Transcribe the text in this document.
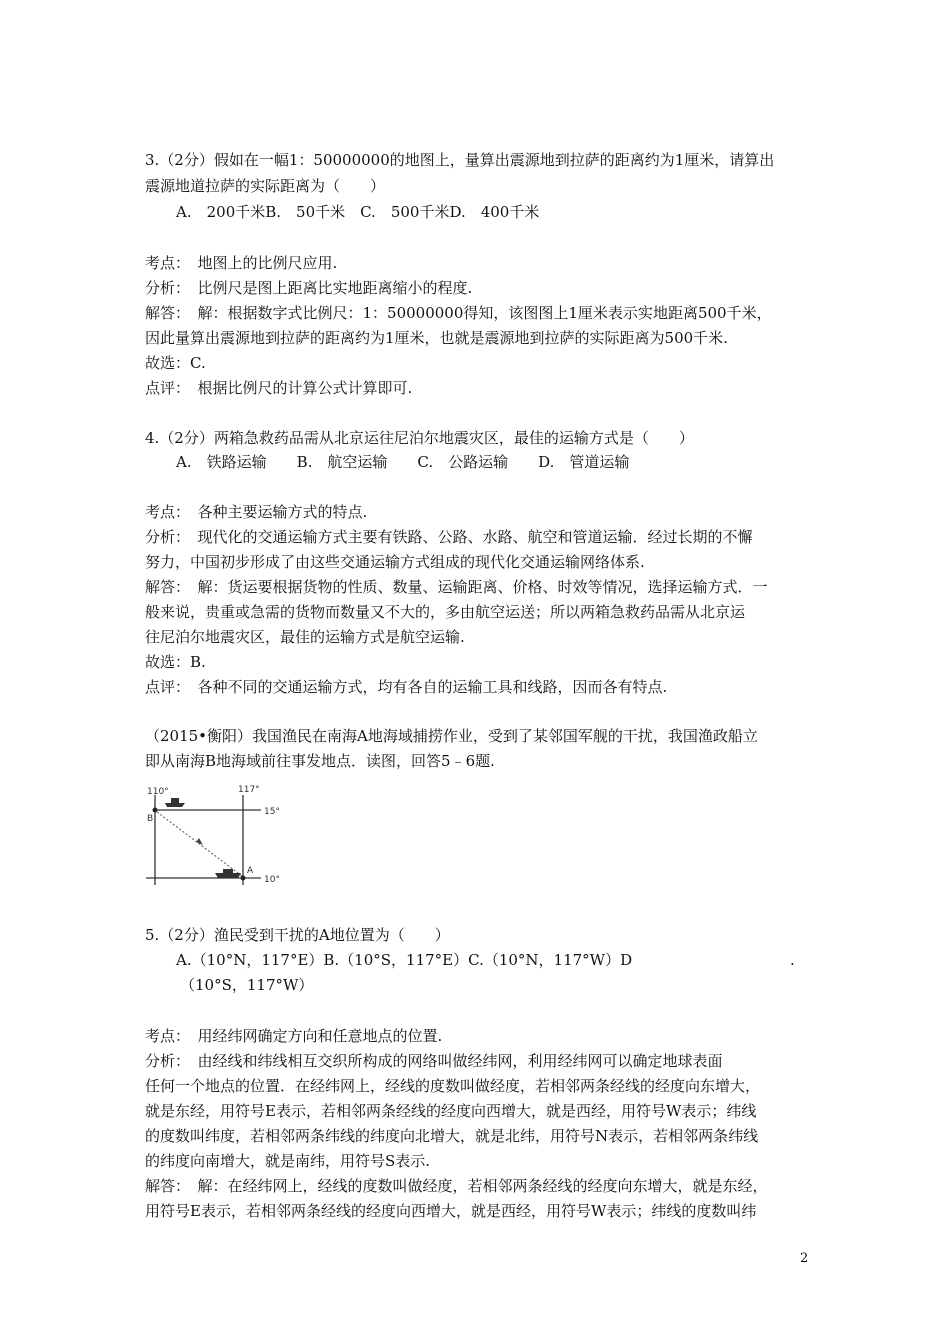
3.（2分）假如在一幅1：50000000的地图上，量算出震源地到拉萨的距离约为1厘米，请算出
震源地道拉萨的实际距离为（　　）
A.　200千米B.　50千米　C.　500千米D.　400千米
考点：　地图上的比例尺应用.
分析：　比例尺是图上距离比实地距离缩小的程度.
解答：　解：根据数字式比例尺：1：50000000得知，该图图上1厘米表示实地距离500千米，
因此量算出震源地到拉萨的距离约为1厘米，也就是震源地到拉萨的实际距离为500千米.
故选：C.
点评：　根据比例尺的计算公式计算即可.
4.（2分）两箱急救药品需从北京运往尼泊尔地震灾区，最佳的运输方式是（　　）
A.　铁路运输　　B.　航空运输　　C.　公路运输　　D.　管道运输
考点：　各种主要运输方式的特点.
分析：　现代化的交通运输方式主要有铁路、公路、水路、航空和管道运输．经过长期的不懈
努力，中国初步形成了由这些交通运输方式组成的现代化交通运输网络体系.
解答：　解：货运要根据货物的性质、数量、运输距离、价格、时效等情况，选择运输方式．一
般来说，贵重或急需的货物而数量又不大的，多由航空运送；所以两箱急救药品需从北京运
往尼泊尔地震灾区，最佳的运输方式是航空运输.
故选：B.
点评：　各种不同的交通运输方式，均有各自的运输工具和线路，因而各有特点.
（2015•衡阳）我国渔民在南海A地海域捕捞作业，受到了某邻国军舰的干扰，我国渔政船立
即从南海B地海域前往事发地点．读图，回答5﹣6题.
110°	117°
15°
10°
B
A
5.（2分）渔民受到干扰的A地位置为（　　）
A.（10°N，117°E）B.（10°S，117°E）C.（10°N，117°W）D	.
（10°S，117°W）
考点：　用经纬网确定方向和任意地点的位置.
分析：　由经线和纬线相互交织所构成的网络叫做经纬网，利用经纬网可以确定地球表面
任何一个地点的位置．在经纬网上，经线的度数叫做经度，若相邻两条经线的经度向东增大，
就是东经，用符号E表示，若相邻两条经线的经度向西增大，就是西经，用符号W表示；纬线
的度数叫纬度，若相邻两条纬线的纬度向北增大，就是北纬，用符号N表示，若相邻两条纬线
的纬度向南增大，就是南纬，用符号S表示.
解答：　解：在经纬网上，经线的度数叫做经度，若相邻两条经线的经度向东增大，就是东经，
用符号E表示，若相邻两条经线的经度向西增大，就是西经，用符号W表示；纬线的度数叫纬
2
